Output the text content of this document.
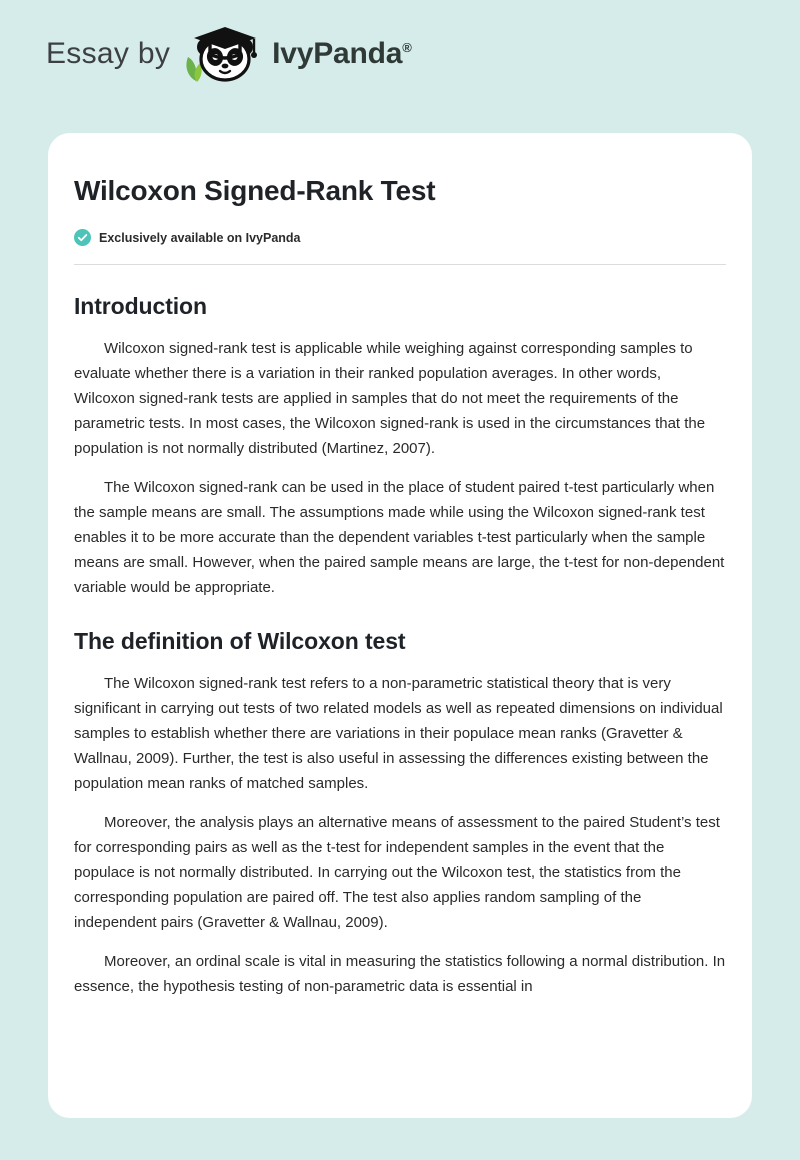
Essay by	IvyPanda®
Wilcoxon Signed-Rank Test
Exclusively available on IvyPanda
Introduction

Wilcoxon signed-rank test is applicable while weighing against corresponding samples to evaluate whether there is a variation in their ranked population averages. In other words, Wilcoxon signed-rank tests are applied in samples that do not meet the requirements of the parametric tests. In most cases, the Wilcoxon signed-rank is used in the circumstances that the population is not normally distributed (Martinez, 2007).

The Wilcoxon signed-rank can be used in the place of student paired t-test particularly when the sample means are small. The assumptions made while using the Wilcoxon signed-rank test enables it to be more accurate than the dependent variables t-test particularly when the sample means are small. However, when the paired sample means are large, the t-test for non-dependent variable would be appropriate.

The definition of Wilcoxon test

The Wilcoxon signed-rank test refers to a non-parametric statistical theory that is very significant in carrying out tests of two related models as well as repeated dimensions on individual samples to establish whether there are variations in their populace mean ranks (Gravetter & Wallnau, 2009). Further, the test is also useful in assessing the differences existing between the population mean ranks of matched samples.

Moreover, the analysis plays an alternative means of assessment to the paired Student’s test for corresponding pairs as well as the t-test for independent samples in the event that the populace is not normally distributed. In carrying out the Wilcoxon test, the statistics from the corresponding population are paired off. The test also applies random sampling of the independent pairs (Gravetter & Wallnau, 2009).

Moreover, an ordinal scale is vital in measuring the statistics following a normal distribution. In essence, the hypothesis testing of non-parametric data is essential in
